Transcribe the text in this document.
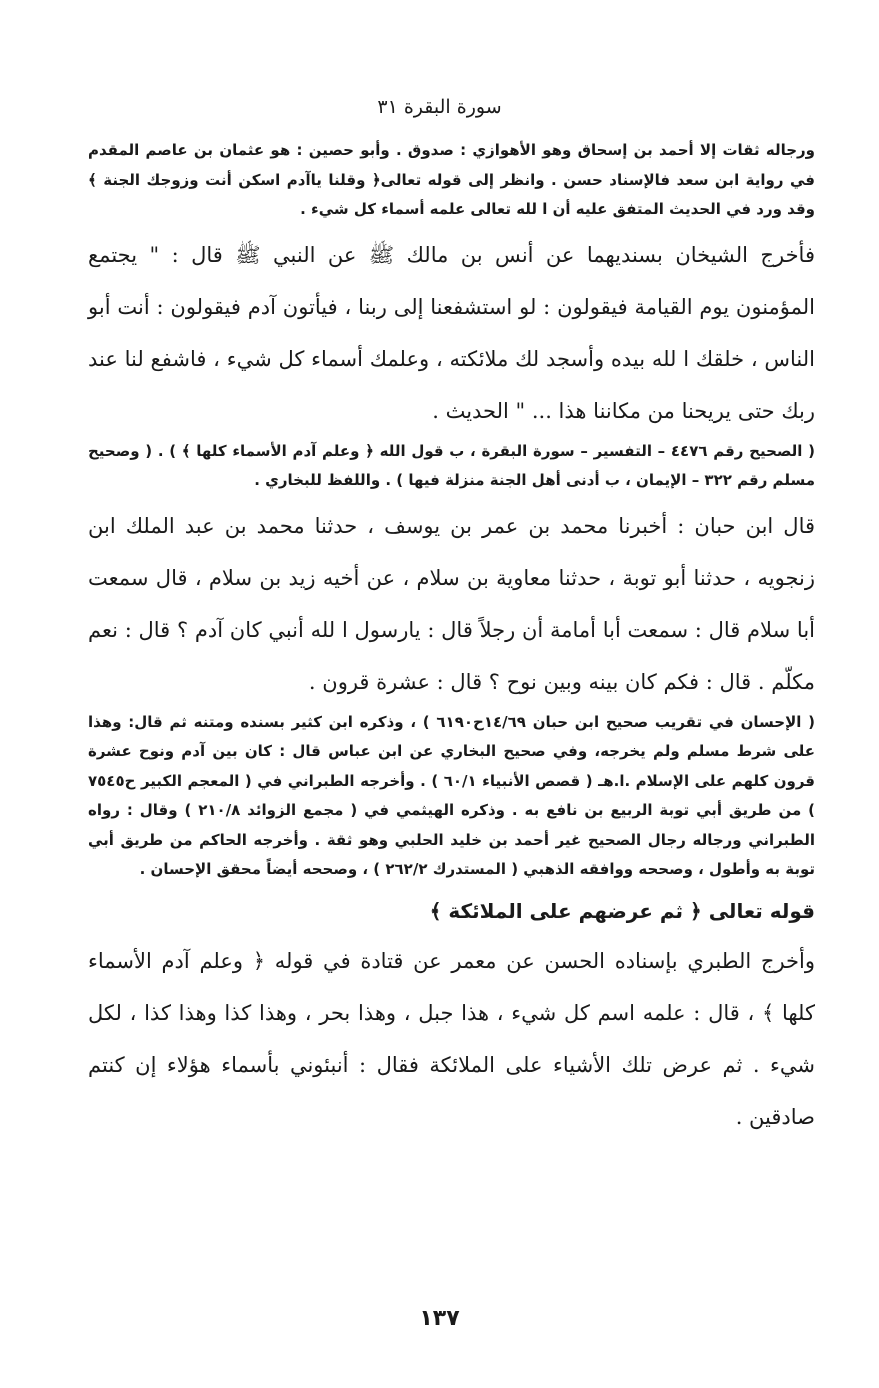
سورة البقرة ٣١

ورجاله ثقات إلا أحمد بن إسحاق وهو الأهوازي : صدوق . وأبو حصين : هو عثمان بن عاصم المقدم في رواية ابن سعد فالإسناد حسن . وانظر إلى قوله تعالى﴿ وقلنا ياآدم اسكن أنت وزوجك الجنة ﴾ وقد ورد في الحديث المتفق عليه أن ا لله تعالى علمه أسماء كل شيء .

فأخرج الشيخان بسنديهما عن أنس بن مالك ﷺ عن النبي ﷺ قال : " يجتمع المؤمنون يوم القيامة فيقولون : لو استشفعنا إلى ربنا ، فيأتون آدم فيقولون : أنت أبو الناس ، خلقك ا لله بيده وأسجد لك ملائكته ، وعلمك أسماء كل شيء ، فاشفع لنا عند ربك حتى يريحنا من مكاننا هذا ... " الحديث .

( الصحيح رقم ٤٤٧٦ – التفسير – سورة البقرة ، ب قول الله ﴿ وعلم آدم الأسماء كلها ﴾ ) . ( وصحيح مسلم رقم ٣٢٢ – الإيمان ، ب أدنى أهل الجنة منزلة فيها ) . واللفظ للبخاري .

قال ابن حبان : أخبرنا محمد بن عمر بن يوسف ، حدثنا محمد بن عبد الملك ابن زنجويه ، حدثنا أبو توبة ، حدثنا معاوية بن سلام ، عن أخيه زيد بن سلام ، قال سمعت أبا سلام قال : سمعت أبا أمامة أن رجلاً قال : يارسول ا لله أنبي كان آدم ؟ قال : نعم مكلّم . قال : فكم كان بينه وبين نوح ؟ قال : عشرة قرون .

( الإحسان في تقريب صحيح ابن حبان ١٤/٦٩ح٦١٩٠ ) ، وذكره ابن كثير بسنده ومتنه ثم قال: وهذا على شرط مسلم ولم يخرجه، وفي صحيح البخاري عن ابن عباس قال : كان بين آدم ونوح عشرة قرون كلهم على الإسلام .ا.هـ ( قصص الأنبياء ٦٠/١ ) . وأخرجه الطبراني في ( المعجم الكبير ح٧٥٤٥ ) من طريق أبي توبة الربيع بن نافع به . وذكره الهيثمي في ( مجمع الزوائد ٢١٠/٨ ) وقال : رواه الطبراني ورجاله رجال الصحيح غير أحمد بن خليد الحلبي وهو ثقة . وأخرجه الحاكم من طريق أبي توبة به وأطول ، وصححه ووافقه الذهبي ( المستدرك ٢٦٢/٢ ) ، وصححه أيضاً محقق الإحسان .

قوله تعالى ﴿ ثم عرضهم على الملائكة ﴾

وأخرج الطبري بإسناده الحسن عن معمر عن قتادة في قوله ﴿ وعلم آدم الأسماء كلها ﴾ ، قال : علمه اسم كل شيء ، هذا جبل ، وهذا بحر ، وهذا كذا وهذا كذا ، لكل شيء . ثم عرض تلك الأشياء على الملائكة فقال : أنبئوني بأسماء هؤلاء إن كنتم صادقين .

١٣٧
